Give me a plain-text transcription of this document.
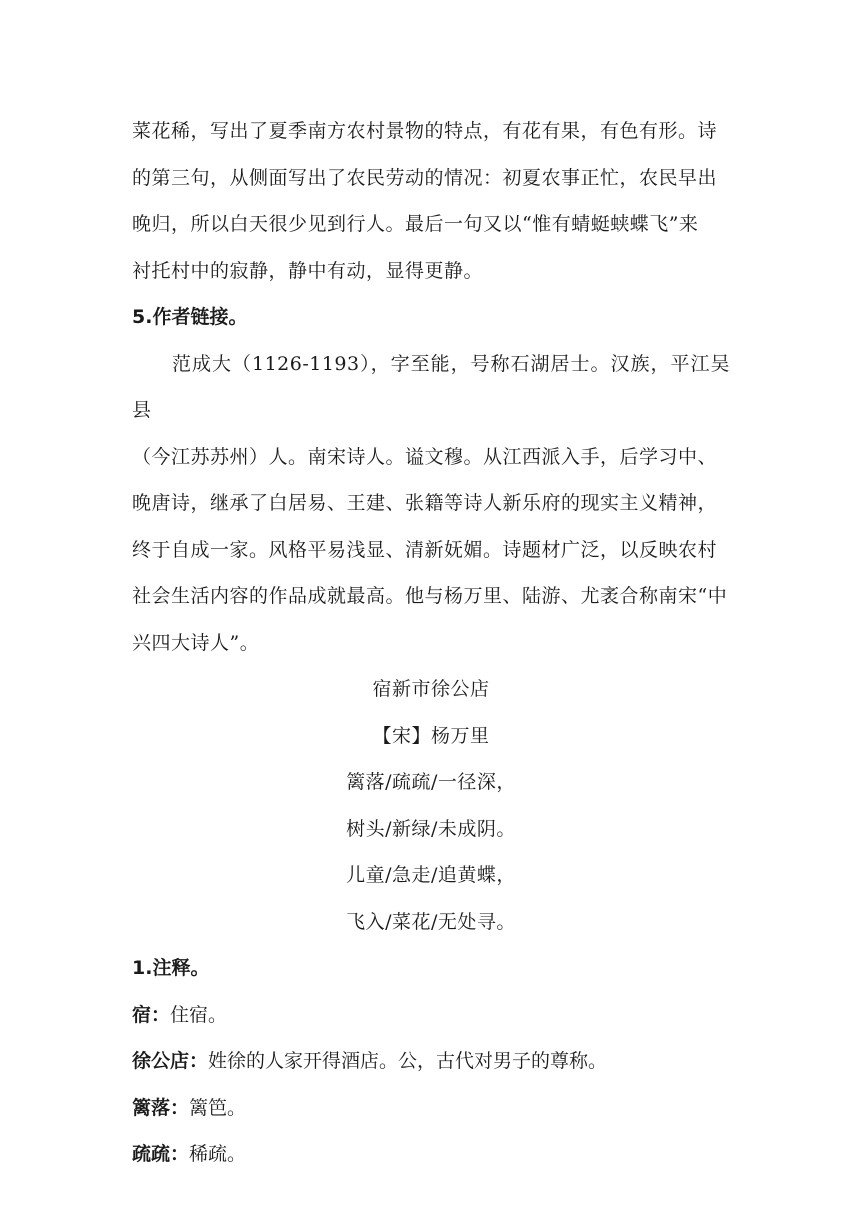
菜花稀，写出了夏季南方农村景物的特点，有花有果，有色有形。诗

的第三句，从侧面写出了农民劳动的情况：初夏农事正忙，农民早出

晚归，所以白天很少见到行人。最后一句又以“惟有蜻蜓蛱蝶飞”来

衬托村中的寂静，静中有动，显得更静。

5.作者链接。

范成大（1126-1193），字至能，号称石湖居士。汉族，平江吴县

（今江苏苏州）人。南宋诗人。谥文穆。从江西派入手，后学习中、

晚唐诗，继承了白居易、王建、张籍等诗人新乐府的现实主义精神，

终于自成一家。风格平易浅显、清新妩媚。诗题材广泛，以反映农村

社会生活内容的作品成就最高。他与杨万里、陆游、尤袤合称南宋“中

兴四大诗人”。

宿新市徐公店
【宋】杨万里
篱落/疏疏/一径深，
树头/新绿/未成阴。
儿童/急走/追黄蝶，
飞入/菜花/无处寻。

1.注释。

宿：住宿。

徐公店：姓徐的人家开得酒店。公，古代对男子的尊称。

篱落：篱笆。

疏疏：稀疏。
